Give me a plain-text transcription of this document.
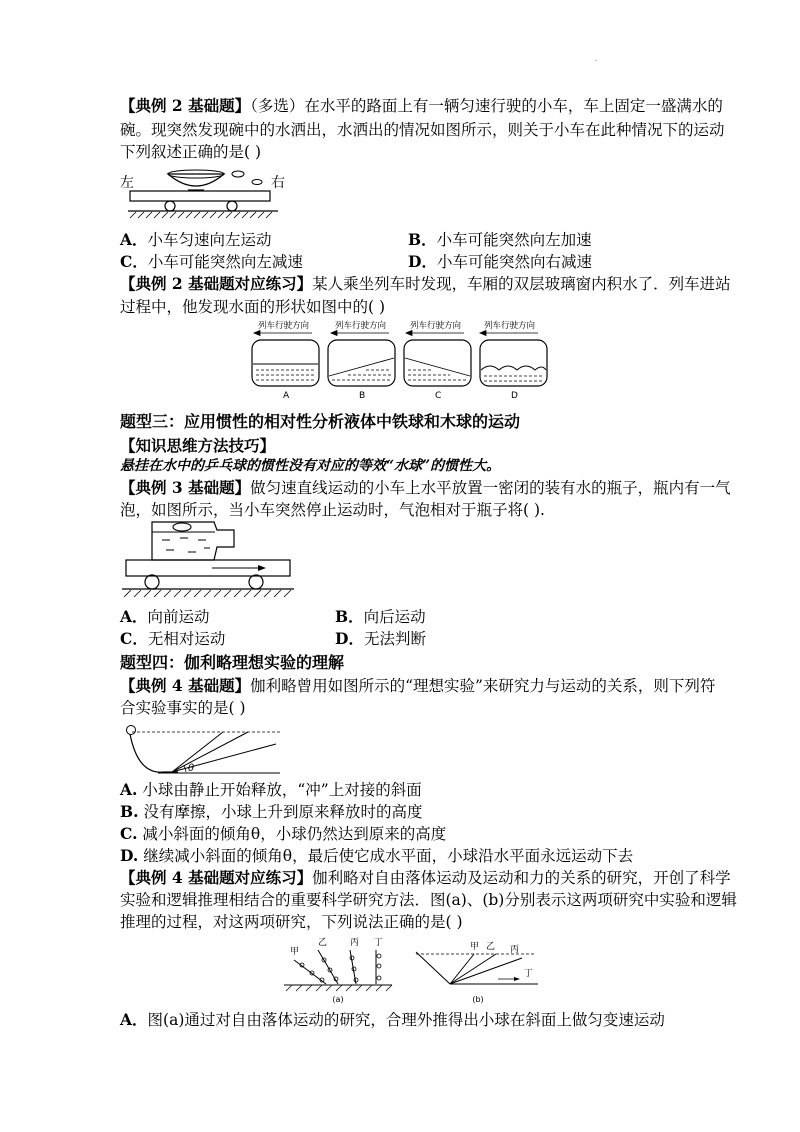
·
【典例 2 基础题】（多选）在水平的路面上有一辆匀速行驶的小车，车上固定一盛满水的
碗。现突然发现碗中的水洒出，水洒出的情况如图所示，则关于小车在此种情况下的运动
下列叙述正确的是( )
左	右
A．小车匀速向左运动	B．小车可能突然向左加速
C．小车可能突然向左减速	D．小车可能突然向右减速
【典例 2 基础题对应练习】某人乘坐列车时发现，车厢的双层玻璃窗内积水了．列车进站
过程中，他发现水面的形状如图中的( )
列车行驶方向	列车行驶方向	列车行驶方向	列车行驶方向
A	B	C	D
题型三：应用惯性的相对性分析液体中铁球和木球的运动
【知识思维方法技巧】
悬挂在水中的乒乓球的惯性没有对应的等效“水球”的惯性大。
【典例 3 基础题】做匀速直线运动的小车上水平放置一密闭的装有水的瓶子，瓶内有一气
泡，如图所示，当小车突然停止运动时，气泡相对于瓶子将( ).
A．向前运动	B．向后运动
C．无相对运动	D．无法判断
题型四：伽利略理想实验的理解
【典例 4 基础题】伽利略曾用如图所示的“理想实验”来研究力与运动的关系，则下列符
合实验事实的是( )
θ
A. 小球由静止开始释放，“冲”上对接的斜面
B. 没有摩擦，小球上升到原来释放时的高度
C. 减小斜面的倾角θ，小球仍然达到原来的高度
D. 继续减小斜面的倾角θ，最后使它成水平面，小球沿水平面永远运动下去
【典例 4 基础题对应练习】伽利略对自由落体运动及运动和力的关系的研究，开创了科学
实验和逻辑推理相结合的重要科学研究方法．图(a)、(b)分别表示这两项研究中实验和逻辑
推理的过程，对这两项研究，下列说法正确的是( )
甲
乙	丙 丁
(a)
甲 乙 丙
丁
(b)
A．图(a)通过对自由落体运动的研究，合理外推得出小球在斜面上做匀变速运动
